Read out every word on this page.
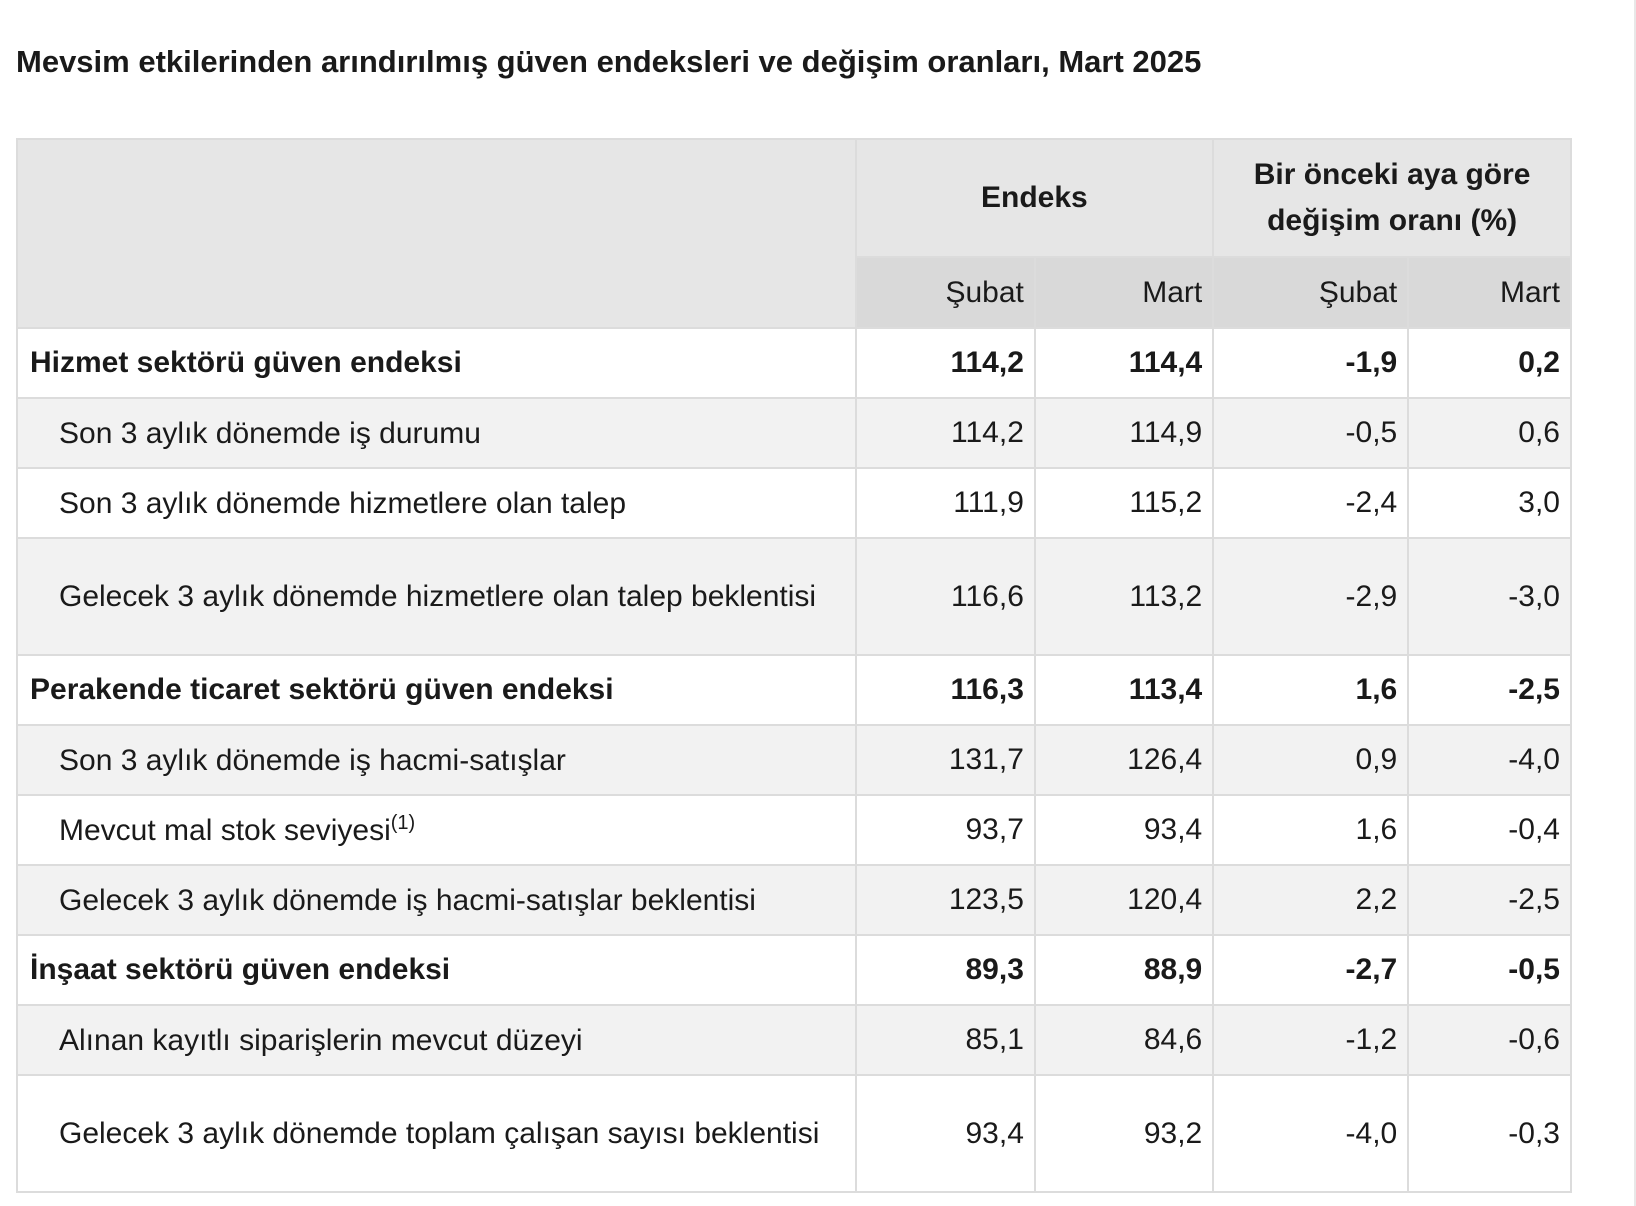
Mevsim etkilerinden arındırılmış güven endeksleri ve değişim oranları, Mart 2025
	Endeks		Bir önceki aya göre
değişim oranı (%)	
	Şubat	Mart	Şubat	Mart
Hizmet sektörü güven endeksi	114,2	114,4	-1,9	0,2
Son 3 aylık dönemde iş durumu	114,2	114,9	-0,5	0,6
Son 3 aylık dönemde hizmetlere olan talep	111,9	115,2	-2,4	3,0
Gelecek 3 aylık dönemde hizmetlere olan talep beklentisi	116,6	113,2	-2,9	-3,0
Perakende ticaret sektörü güven endeksi	116,3	113,4	1,6	-2,5
Son 3 aylık dönemde iş hacmi-satışlar	131,7	126,4	0,9	-4,0
Mevcut mal stok seviyesi$^{(1)}$	93,7	93,4	1,6	-0,4
Gelecek 3 aylık dönemde iş hacmi-satışlar beklentisi	123,5	120,4	2,2	-2,5
İnşaat sektörü güven endeksi	89,3	88,9	-2,7	-0,5
Alınan kayıtlı siparişlerin mevcut düzeyi	85,1	84,6	-1,2	-0,6
Gelecek 3 aylık dönemde toplam çalışan sayısı beklentisi	93,4	93,2	-4,0	-0,3
